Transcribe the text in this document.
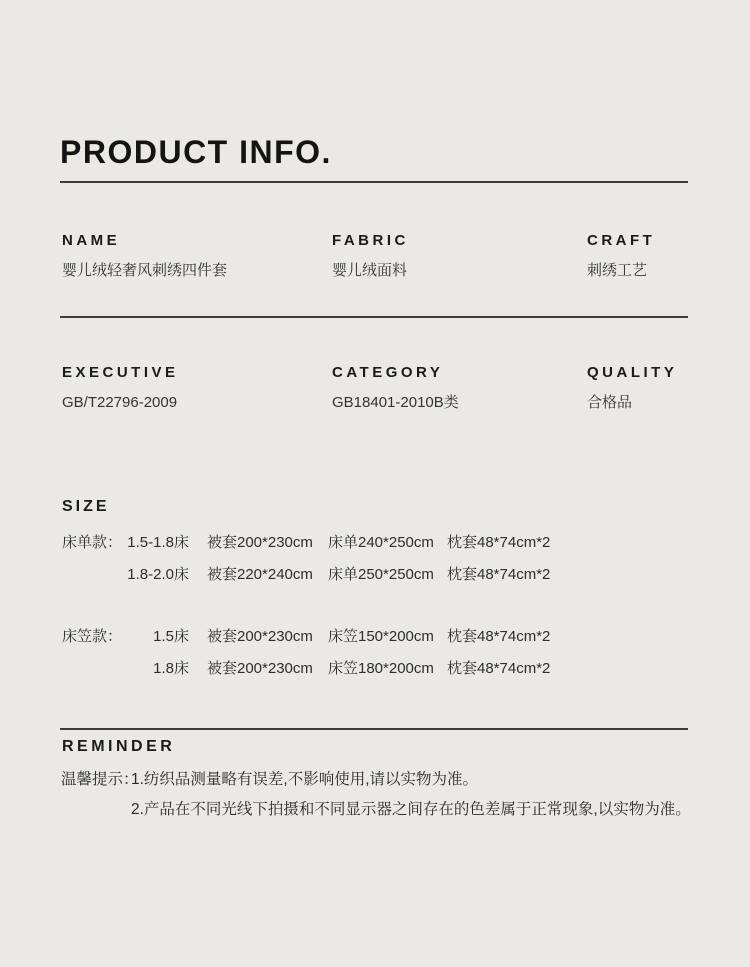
PRODUCT INFO.
NAME
婴儿绒轻奢风刺绣四件套
FABRIC
婴儿绒面料
CRAFT
刺绣工艺
EXECUTIVE
GB/T22796-2009
CATEGORY
GB18401-2010B类
QUALITY
合格品
SIZE
床单款： 1.5-1.8床 被套200*230cm	床单240*250cm 枕套48*74cm*2
1.8-2.0床 被套220*240cm	床单250*250cm 枕套48*74cm*2
床笠款：	1.5床 被套200*230cm	床笠150*200cm 枕套48*74cm*2
1.8床 被套200*230cm	床笠180*200cm 枕套48*74cm*2
REMINDER
温馨提示：
1.纺织品测量略有误差,不影响使用,请以实物为准。
2.产品在不同光线下拍摄和不同显示器之间存在的色差属于正常现象,以实物为准。
